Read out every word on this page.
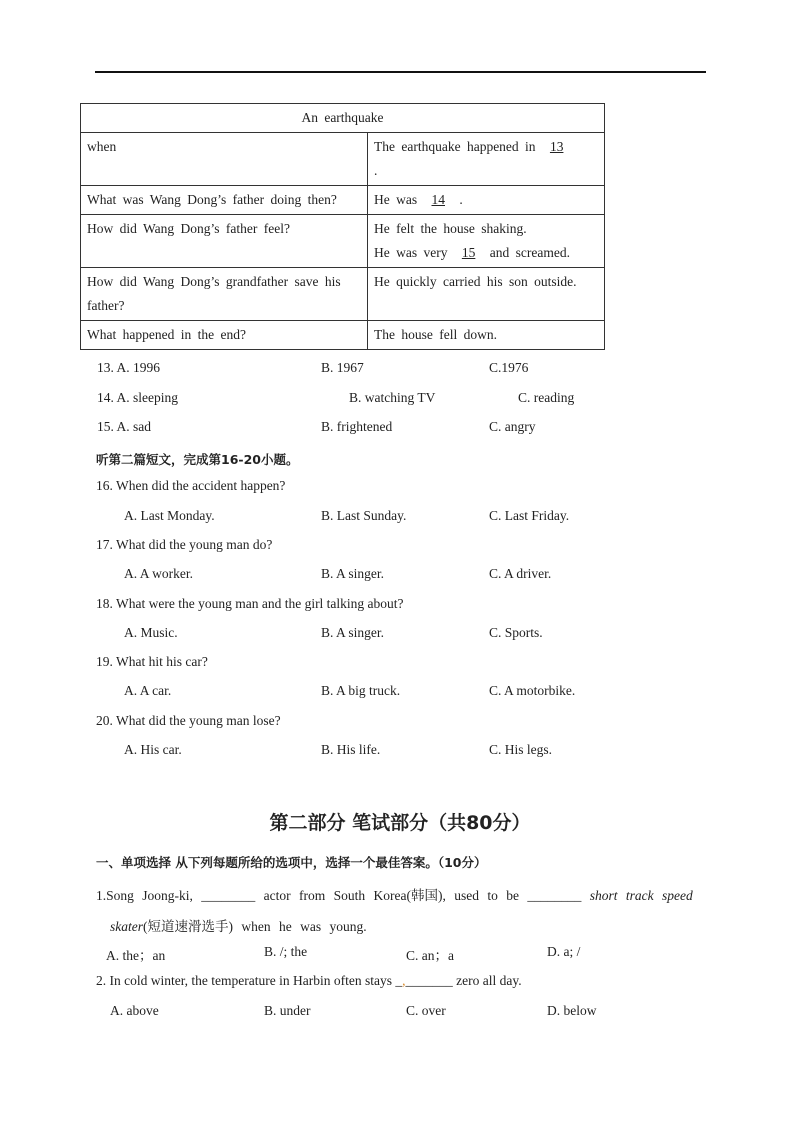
An earthquake	
when	The earthquake happened in 13
.
What was Wang Dong’s father doing then?	He was 14 .
How did Wang Dong’s father feel?	He felt the house shaking.
He was very 15 and screamed.
How did Wang Dong’s grandfather save his father?	He quickly carried his son outside.
What happened in the end?	The house fell down.
13. A. 1996	B. 1967	C.1976
14. A. sleeping	B. watching TV	C. reading
15. A. sad	B. frightened	C. angry
听第二篇短文，完成第16-20小题。
16. When did the accident happen?
A. Last Monday.	B. Last Sunday.	C. Last Friday.
17. What did the young man do?
A. A worker.	B. A singer.	C. A driver.
18. What were the young man and the girl talking about?
A. Music.	B. A singer.	C. Sports.
19. What hit his car?
A. A car.	B. A big truck.	C. A motorbike.
20. What did the young man lose?
A. His car.	B. His life.	C. His legs.
第二部分 笔试部分（共80分）
一、单项选择 从下列每题所给的选项中，选择一个最佳答案。（10分）
1.Song Joong-ki, ________ actor from South Korea(韩国), used to be ________ short track speed
skater(短道速滑选手) when he was young.
A. the；an	B. /; the	C. an；a	D. a; /
2. In cold winter, the temperature in Harbin often stays _,_______ zero all day.
A. above	B. under	C. over	D. below
